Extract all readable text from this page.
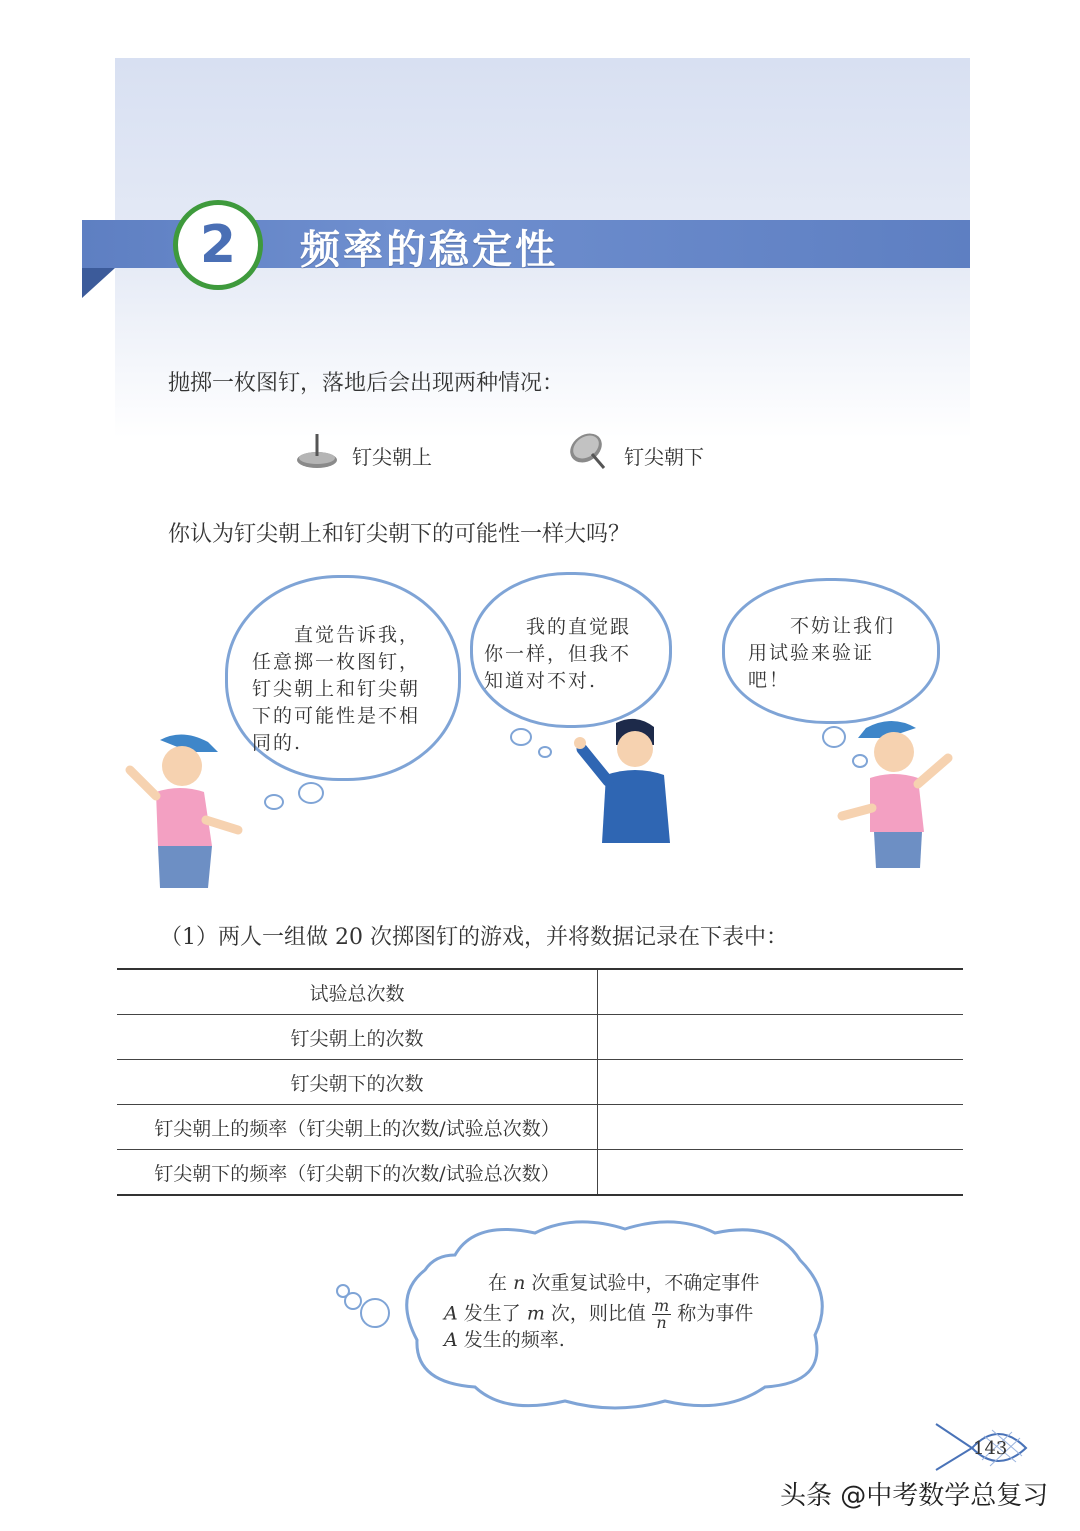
2 频率的稳定性
抛掷一枚图钉，落地后会出现两种情况：
钉尖朝上	钉尖朝下
你认为钉尖朝上和钉尖朝下的可能性一样大吗？
　　直觉告诉我，
任意掷一枚图钉，
钉尖朝上和钉尖朝
下的可能性是不相
同的.
　　我的直觉跟
你一样，但我不
知道对不对.
　　不妨让我们
用试验来验证
吧！
（1）两人一组做 20 次掷图钉的游戏，并将数据记录在下表中：
试验总次数	
钉尖朝上的次数	
钉尖朝下的次数	
钉尖朝上的频率（钉尖朝上的次数/试验总次数）	
钉尖朝下的频率（钉尖朝下的次数/试验总次数）	
在 n 次重复试验中，不确定事件
A 发生了 m 次，则比值 $\frac{m}{n}$ 称为事件
A 发生的频率.
143
头条 @中考数学总复习
